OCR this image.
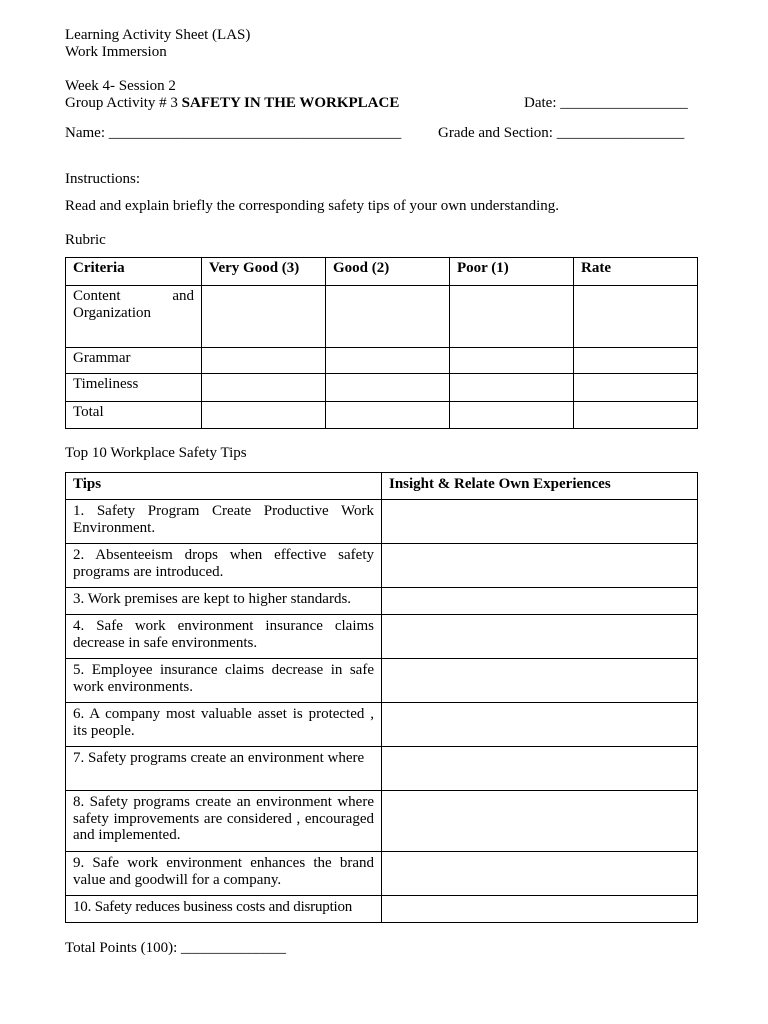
Learning Activity Sheet (LAS)
Work Immersion
Week 4- Session 2
Group Activity # 3 SAFETY IN THE WORKPLACE	Date: _________________
Name: _______________________________________ Grade and Section: _________________
Instructions:
Read and explain briefly the corresponding safety tips of your own understanding.
Rubric
Criteria	Very Good (3)	Good (2)	Poor (1)	Rate
Content and Organization				
Grammar				
Timeliness				
Total				
Top 10 Workplace Safety Tips
Tips	Insight & Relate Own Experiences
1. Safety Program Create Productive Work Environment.	
2. Absenteeism drops when effective safety programs are introduced.	
3. Work premises are kept to higher standards.	
4. Safe work environment insurance claims decrease in safe environments.	
5. Employee insurance claims decrease in safe work environments.	
6. A company most valuable asset is protected , its people.	
7. Safety programs create an environment where	
8. Safety programs create an environment where safety improvements are considered , encouraged and implemented.	
9. Safe work environment enhances the brand value and goodwill for a company.	
10. Safety reduces business costs and disruption	
Total Points (100): ______________
